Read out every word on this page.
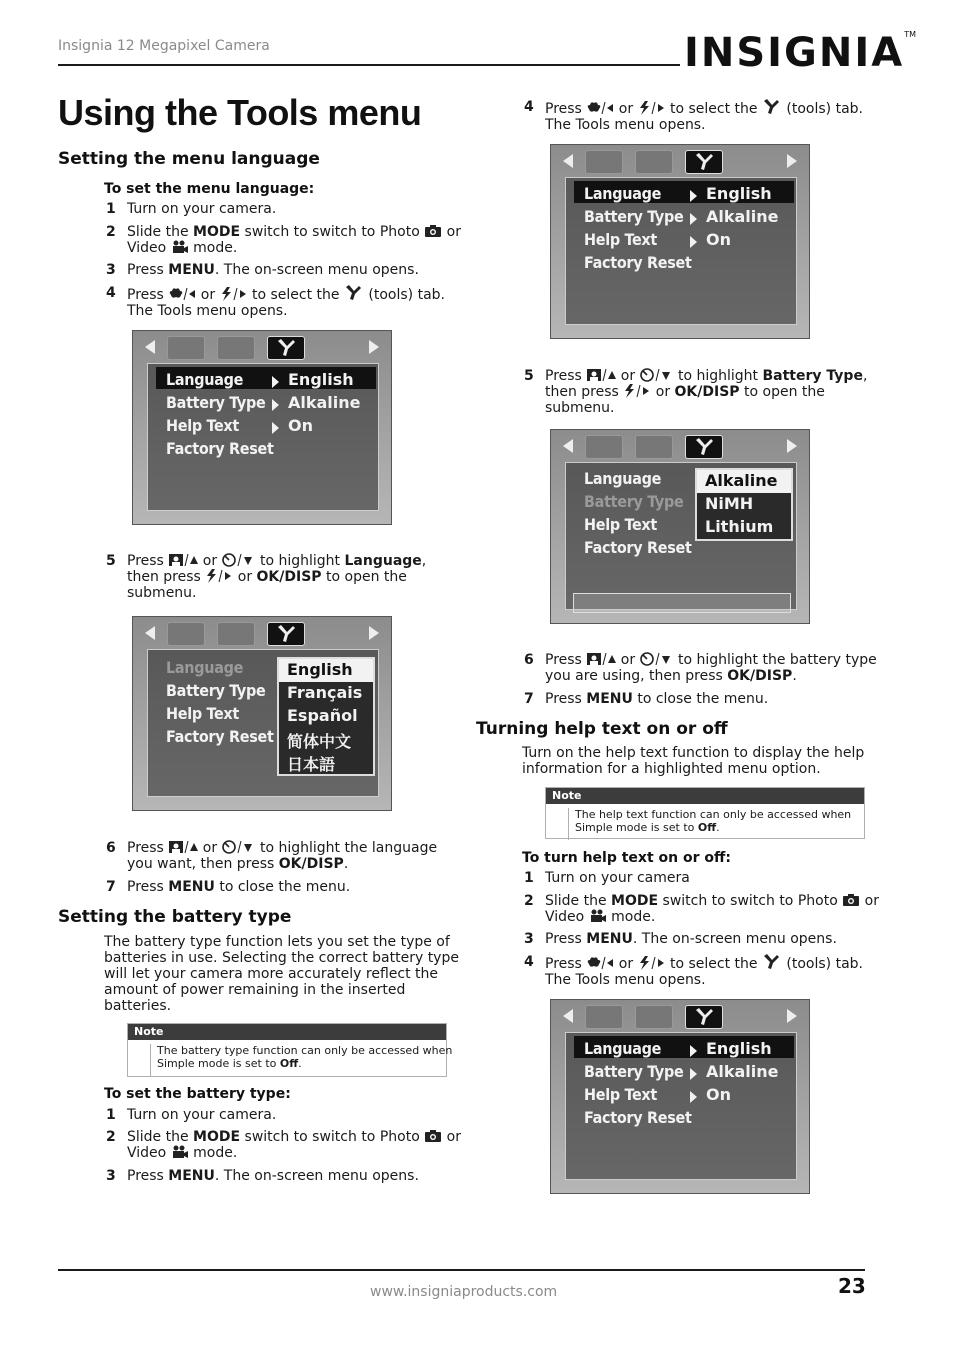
Insignia 12 Megapixel Camera	INSIGNIA™
Using the Tools menu
Setting the menu language
To set the menu language:
1 Turn on your camera.
2 Slide the MODE switch to switch to Photo  or
Video  mode.
3 Press MENU. The on-screen menu opens.
4 Press  or  to select the  (tools) tab.
The Tools menu opens.
Language	English
Battery Type Alkaline
Help Text	On
Factory Reset
5 Press  or  to highlight Language,
then press  or OK/DISP to open the
submenu.
Language
Battery Type
Help Text
Factory Reset
English
Français
Español
简体中文
日本語
6 Press  or  to highlight the language
you want, then press OK/DISP.
7 Press MENU to close the menu.
Setting the battery type
The battery type function lets you set the type of
batteries in use. Selecting the correct battery type
will let your camera more accurately reflect the
amount of power remaining in the inserted
batteries.
Note
The battery type function can only be accessed when
Simple mode is set to Off.
To set the battery type:
1 Turn on your camera.
2 Slide the MODE switch to switch to Photo  or
Video  mode.
3 Press MENU. The on-screen menu opens.
4 Press  or  to select the  (tools) tab.
The Tools menu opens.
Language	English
Battery Type Alkaline
Help Text	On
Factory Reset
5 Press  or  to highlight Battery Type,
then press  or OK/DISP to open the
submenu.
Language
Battery Type
Help Text
Factory Reset
Alkaline
NiMH
Lithium
6 Press  or  to highlight the battery type
you are using, then press OK/DISP.
7 Press MENU to close the menu.
Turning help text on or off
Turn on the help text function to display the help
information for a highlighted menu option.
Note
The help text function can only be accessed when
Simple mode is set to Off.
To turn help text on or off:
1 Turn on your camera
2 Slide the MODE switch to switch to Photo  or
Video  mode.
3 Press MENU. The on-screen menu opens.
4 Press  or  to select the  (tools) tab.
The Tools menu opens.
Language	English
Battery Type Alkaline
Help Text	On
Factory Reset
www.insigniaproducts.com	23
